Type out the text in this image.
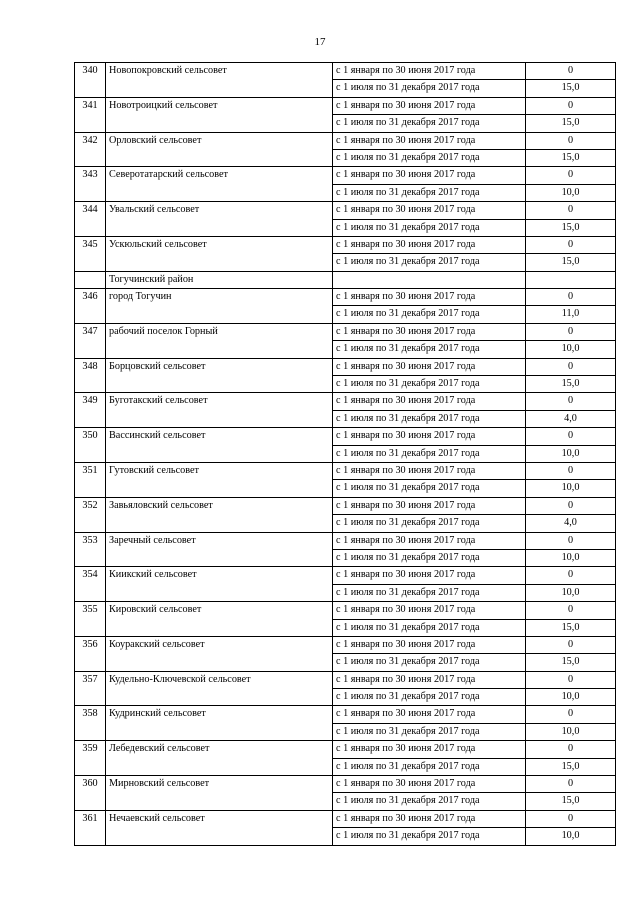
17
340	Новопокровский сельсовет	с 1 января по 30 июня 2017 года	0
		с 1 июля по 31 декабря 2017 года	15,0
341	Новотроицкий сельсовет	с 1 января по 30 июня 2017 года	0
		с 1 июля по 31 декабря 2017 года	15,0
342	Орловский сельсовет	с 1 января по 30 июня 2017 года	0
		с 1 июля по 31 декабря 2017 года	15,0
343	Северотатарский сельсовет	с 1 января по 30 июня 2017 года	0
		с 1 июля по 31 декабря 2017 года	10,0
344	Увальский сельсовет	с 1 января по 30 июня 2017 года	0
		с 1 июля по 31 декабря 2017 года	15,0
345	Ускюльский сельсовет	с 1 января по 30 июня 2017 года	0
		с 1 июля по 31 декабря 2017 года	15,0
	Тогучинский район		
346	город Тогучин	с 1 января по 30 июня 2017 года	0
		с 1 июля по 31 декабря 2017 года	11,0
347	рабочий поселок Горный	с 1 января по 30 июня 2017 года	0
		с 1 июля по 31 декабря 2017 года	10,0
348	Борцовский сельсовет	с 1 января по 30 июня 2017 года	0
		с 1 июля по 31 декабря 2017 года	15,0
349	Буготакский сельсовет	с 1 января по 30 июня 2017 года	0
		с 1 июля по 31 декабря 2017 года	4,0
350	Вассинский сельсовет	с 1 января по 30 июня 2017 года	0
		с 1 июля по 31 декабря 2017 года	10,0
351	Гутовский сельсовет	с 1 января по 30 июня 2017 года	0
		с 1 июля по 31 декабря 2017 года	10,0
352	Завьяловский сельсовет	с 1 января по 30 июня 2017 года	0
		с 1 июля по 31 декабря 2017 года	4,0
353	Заречный сельсовет	с 1 января по 30 июня 2017 года	0
		с 1 июля по 31 декабря 2017 года	10,0
354	Киикский сельсовет	с 1 января по 30 июня 2017 года	0
		с 1 июля по 31 декабря 2017 года	10,0
355	Кировский сельсовет	с 1 января по 30 июня 2017 года	0
		с 1 июля по 31 декабря 2017 года	15,0
356	Коуракский сельсовет	с 1 января по 30 июня 2017 года	0
		с 1 июля по 31 декабря 2017 года	15,0
357	Кудельно-Ключевской сельсовет	с 1 января по 30 июня 2017 года	0
		с 1 июля по 31 декабря 2017 года	10,0
358	Кудринский сельсовет	с 1 января по 30 июня 2017 года	0
		с 1 июля по 31 декабря 2017 года	10,0
359	Лебедевский сельсовет	с 1 января по 30 июня 2017 года	0
		с 1 июля по 31 декабря 2017 года	15,0
360	Мирновский сельсовет	с 1 января по 30 июня 2017 года	0
		с 1 июля по 31 декабря 2017 года	15,0
361	Нечаевский сельсовет	с 1 января по 30 июня 2017 года	0
		с 1 июля по 31 декабря 2017 года	10,0
